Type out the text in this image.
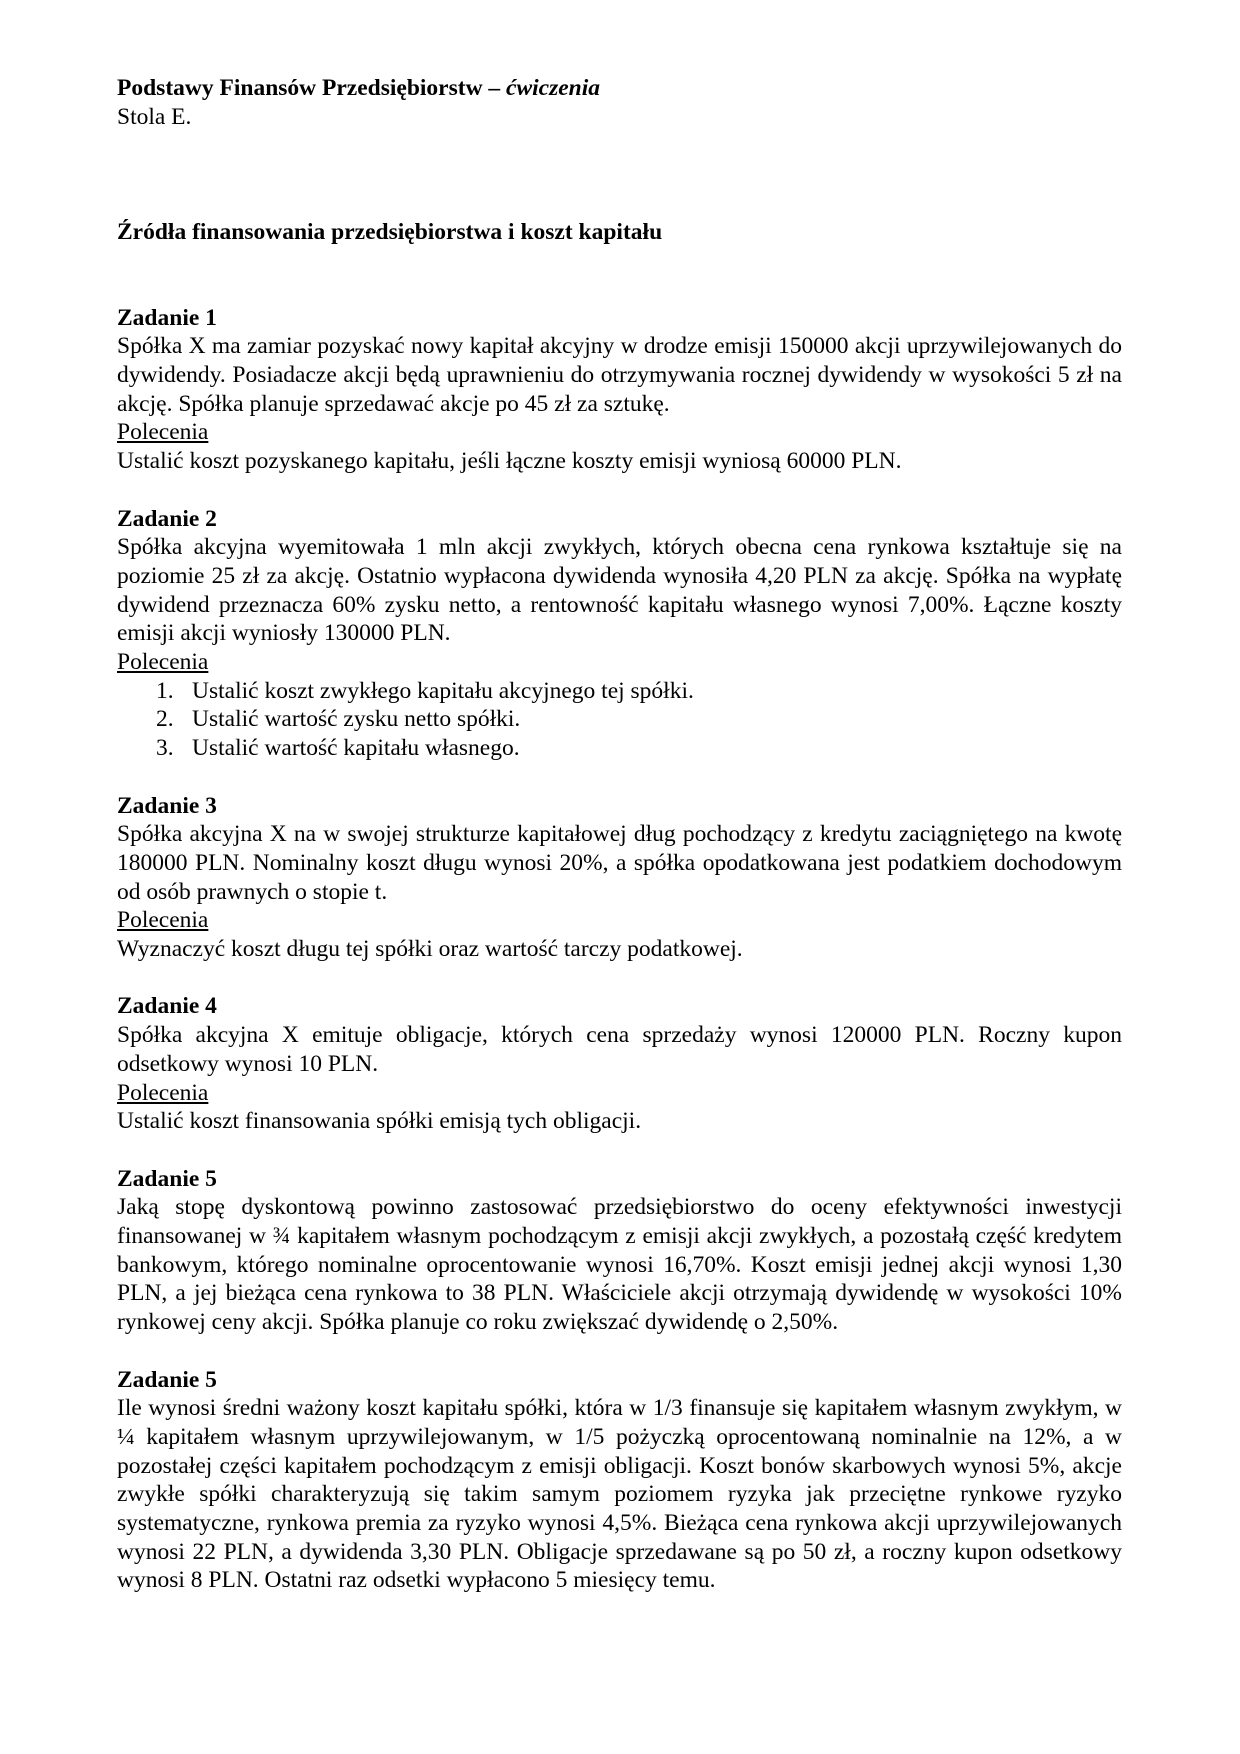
Podstawy Finansów Przedsiębiorstw – ćwiczenia

Stola E.

Źródła finansowania przedsiębiorstwa i koszt kapitału

Zadanie 1

Spółka X ma zamiar pozyskać nowy kapitał akcyjny w drodze emisji 150000 akcji uprzywilejowanych do dywidendy. Posiadacze akcji będą uprawnieniu do otrzymywania rocznej dywidendy w wysokości 5 zł na akcję. Spółka planuje sprzedawać akcje po 45 zł za sztukę.

Polecenia

Ustalić koszt pozyskanego kapitału, jeśli łączne koszty emisji wyniosą 60000 PLN.

Zadanie 2

Spółka akcyjna wyemitowała 1 mln akcji zwykłych, których obecna cena rynkowa kształtuje się na poziomie 25 zł za akcję. Ostatnio wypłacona dywidenda wynosiła 4,20 PLN za akcję. Spółka na wypłatę dywidend przeznacza 60% zysku netto, a rentowność kapitału własnego wynosi 7,00%. Łączne koszty emisji akcji wyniosły 130000 PLN.

Polecenia

1. Ustalić koszt zwykłego kapitału akcyjnego tej spółki.
2. Ustalić wartość zysku netto spółki.
3. Ustalić wartość kapitału własnego.

Zadanie 3

Spółka akcyjna X na w swojej strukturze kapitałowej dług pochodzący z kredytu zaciągniętego na kwotę 180000 PLN. Nominalny koszt długu wynosi 20%, a spółka opodatkowana jest podatkiem dochodowym od osób prawnych o stopie t.

Polecenia

Wyznaczyć koszt długu tej spółki oraz wartość tarczy podatkowej.

Zadanie 4

Spółka akcyjna X emituje obligacje, których cena sprzedaży wynosi 120000 PLN. Roczny kupon odsetkowy wynosi 10 PLN.

Polecenia

Ustalić koszt finansowania spółki emisją tych obligacji.

Zadanie 5

Jaką stopę dyskontową powinno zastosować przedsiębiorstwo do oceny efektywności inwestycji finansowanej w ¾ kapitałem własnym pochodzącym z emisji akcji zwykłych, a pozostałą część kredytem bankowym, którego nominalne oprocentowanie wynosi 16,70%. Koszt emisji jednej akcji wynosi 1,30 PLN, a jej bieżąca cena rynkowa to 38 PLN. Właściciele akcji otrzymają dywidendę w wysokości 10% rynkowej ceny akcji. Spółka planuje co roku zwiększać dywidendę o 2,50%.

Zadanie 5

Ile wynosi średni ważony koszt kapitału spółki, która w 1/3 finansuje się kapitałem własnym zwykłym, w ¼ kapitałem własnym uprzywilejowanym, w 1/5 pożyczką oprocentowaną nominalnie na 12%, a w pozostałej części kapitałem pochodzącym z emisji obligacji. Koszt bonów skarbowych wynosi 5%, akcje zwykłe spółki charakteryzują się takim samym poziomem ryzyka jak przeciętne rynkowe ryzyko systematyczne, rynkowa premia za ryzyko wynosi 4,5%. Bieżąca cena rynkowa akcji uprzywilejowanych wynosi 22 PLN, a dywidenda 3,30 PLN. Obligacje sprzedawane są po 50 zł, a roczny kupon odsetkowy wynosi 8 PLN. Ostatni raz odsetki wypłacono 5 miesięcy temu.
